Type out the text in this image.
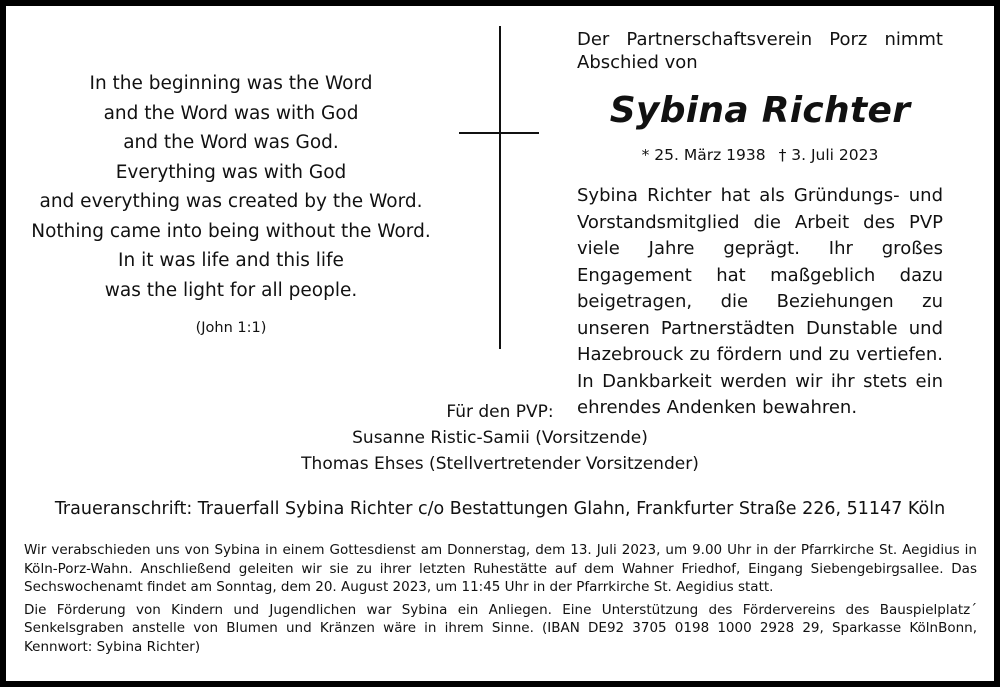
In the beginning was the Word
and the Word was with God
and the Word was God.
Everything was with God
and everything was created by the Word.
Nothing came into being without the Word.
In it was life and this life
was the light for all people.
(John 1:1)
Der Partnerschaftsverein Porz nimmt Abschied von
Sybina Richter
* 25. März 1938 † 3. Juli 2023
Sybina Richter hat als Gründungs- und Vorstandsmitglied die Arbeit des PVP viele Jahre geprägt. Ihr großes Engagement hat maßgeblich dazu beigetragen, die Beziehungen zu unseren Partnerstädten Dunstable und Hazebrouck zu fördern und zu vertiefen. In Dankbarkeit werden wir ihr stets ein ehrendes Andenken bewahren.
Für den PVP:
Susanne Ristic-Samii (Vorsitzende)
Thomas Ehses (Stellvertretender Vorsitzender)
Traueranschrift: Trauerfall Sybina Richter c/o Bestattungen Glahn, Frankfurter Straße 226, 51147 Köln

Wir verabschieden uns von Sybina in einem Gottesdienst am Donnerstag, dem 13. Juli 2023, um 9.00 Uhr in der Pfarrkirche St. Aegidius in Köln-Porz-Wahn. Anschließend geleiten wir sie zu ihrer letzten Ruhestätte auf dem Wahner Friedhof, Eingang Siebengebirgsallee. Das Sechswochenamt findet am Sonntag, dem 20. August 2023, um 11:45 Uhr in der Pfarrkirche St. Aegidius statt.

Die Förderung von Kindern und Jugendlichen war Sybina ein Anliegen. Eine Unterstützung des Fördervereins des Bauspielplatz´ Senkelsgraben anstelle von Blumen und Kränzen wäre in ihrem Sinne. (IBAN DE92 3705 0198 1000 2928 29, Sparkasse KölnBonn, Kennwort: Sybina Richter)
